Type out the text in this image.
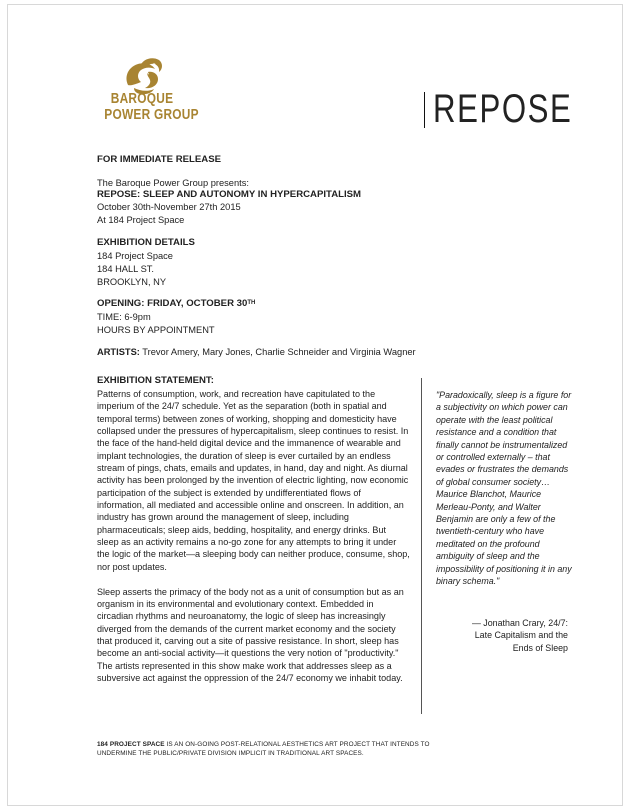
BAROQUE
POWER GROUP	REPOSE
FOR IMMEDIATE RELEASE
The Baroque Power Group presents:
REPOSE: SLEEP AND AUTONOMY IN HYPERCAPITALISM
October 30th-November 27th 2015
At 184 Project Space
EXHIBITION DETAILS
184 Project Space
184 HALL ST.
BROOKLYN, NY
OPENING: FRIDAY, OCTOBER 30TH
TIME: 6-9pm
HOURS BY APPOINTMENT
ARTISTS: Trevor Amery, Mary Jones, Charlie Schneider and Virginia Wagner
EXHIBITION STATEMENT:

Patterns of consumption, work, and recreation have capitulated to the imperium of the 24/7 schedule. Yet as the separation (both in spatial and temporal terms) between zones of working, shopping and domesticity have collapsed under the pressures of hypercapitalism, sleep continues to resist. In the face of the hand-held digital device and the immanence of wearable and implant technologies, the duration of sleep is ever curtailed by an endless stream of pings, chats, emails and updates, in hand, day and night. As diurnal activity has been prolonged by the invention of electric lighting, now economic participation of the subject is extended by undifferentiated flows of information, all mediated and accessible online and onscreen. In addition, an industry has grown around the management of sleep, including pharmaceuticals; sleep aids, bedding, hospitality, and energy drinks. But sleep as an activity remains a no-go zone for any attempts to bring it under the logic of the market—a sleeping body can neither produce, consume, shop, nor post updates.

Sleep asserts the primacy of the body not as a unit of consumption but as an organism in its environmental and evolutionary context. Embedded in circadian rhythms and neuroanatomy, the logic of sleep has increasingly diverged from the demands of the current market economy and the society that produced it, carving out a site of passive resistance. In short, sleep has become an anti-social activity—it questions the very notion of "productivity." The artists represented in this show make work that addresses sleep as a subversive act against the oppression of the 24/7 economy we inhabit today.

"Paradoxically, sleep is a figure for a subjectivity on which power can operate with the least political resistance and a condition that finally cannot be instrumentalized or controlled externally – that evades or frustrates the demands of global consumer society… Maurice Blanchot, Maurice Merleau-Ponty, and Walter Benjamin are only a few of the twentieth-century who have meditated on the profound ambiguity of sleep and the impossibility of positioning it in any binary schema."
— Jonathan Crary, 24/7:
Late Capitalism and the
Ends of Sleep
184 PROJECT SPACE IS AN ON-GOING POST-RELATIONAL AESTHETICS ART PROJECT THAT INTENDS TO UNDERMINE THE PUBLIC/PRIVATE DIVISION IMPLICIT IN TRADITIONAL ART SPACES.
